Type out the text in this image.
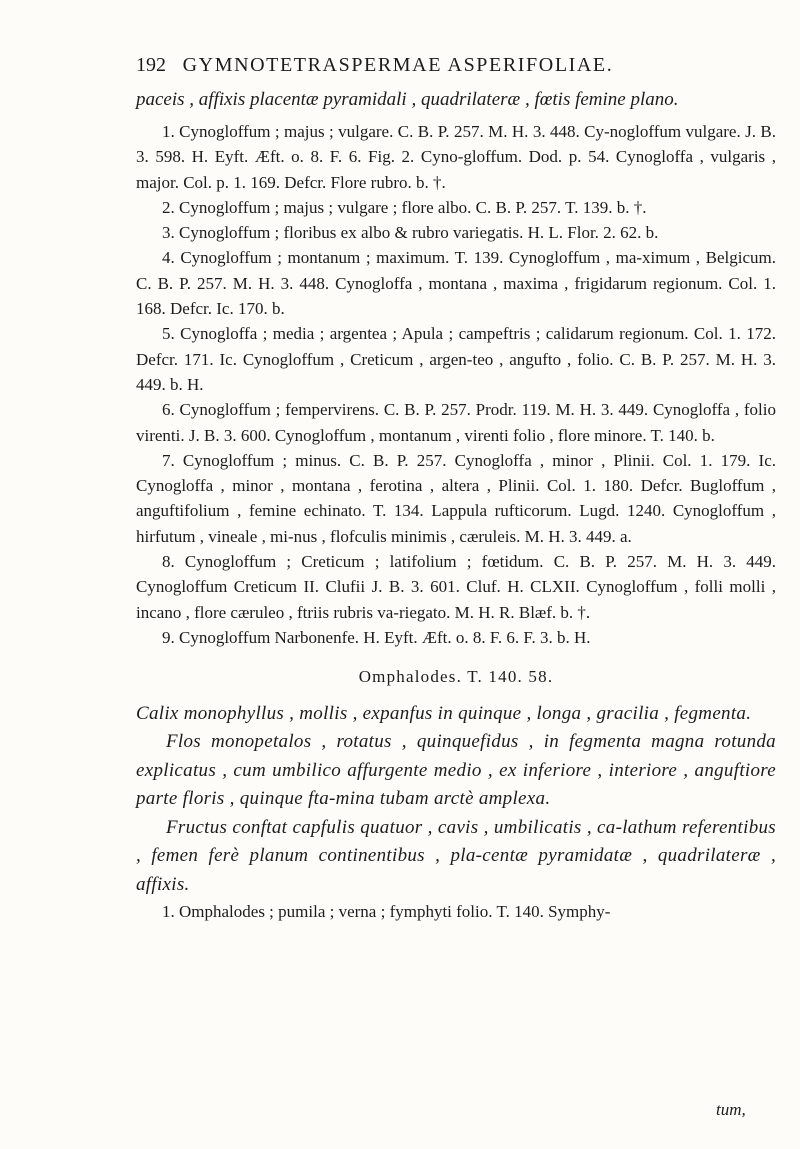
192 GYMNOTETRASPERMAE ASPERIFOLIAE.

paceis , affixis placentæ pyramidali , quadrilateræ , fœtis femine plano.

1. Cynogloffum ; majus ; vulgare. C. B. P. 257. M. H. 3. 448. Cy-nogloffum vulgare. J. B. 3. 598. H. Eyft. Æft. o. 8. F. 6. Fig. 2. Cyno-gloffum. Dod. p. 54. Cynogloffa , vulgaris , major. Col. p. 1. 169. Defcr. Flore rubro. b. †.

2. Cynogloffum ; majus ; vulgare ; flore albo. C. B. P. 257. T. 139. b. †.

3. Cynogloffum ; floribus ex albo & rubro variegatis. H. L. Flor. 2. 62. b.

4. Cynogloffum ; montanum ; maximum. T. 139. Cynogloffum , ma-ximum , Belgicum. C. B. P. 257. M. H. 3. 448. Cynogloffa , montana , maxima , frigidarum regionum. Col. 1. 168. Defcr. Ic. 170. b.

5. Cynogloffa ; media ; argentea ; Apula ; campeftris ; calidarum regionum. Col. 1. 172. Defcr. 171. Ic. Cynogloffum , Creticum , argen-teo , angufto , folio. C. B. P. 257. M. H. 3. 449. b. H.

6. Cynogloffum ; fempervirens. C. B. P. 257. Prodr. 119. M. H. 3. 449. Cynogloffa , folio virenti. J. B. 3. 600. Cynogloffum , montanum , virenti folio , flore minore. T. 140. b.

7. Cynogloffum ; minus. C. B. P. 257. Cynogloffa , minor , Plinii. Col. 1. 179. Ic. Cynogloffa , minor , montana , ferotina , altera , Plinii. Col. 1. 180. Defcr. Bugloffum , anguftifolium , femine echinato. T. 134. Lappula rufticorum. Lugd. 1240. Cynogloffum , hirfutum , vineale , mi-nus , flofculis minimis , cæruleis. M. H. 3. 449. a.

8. Cynogloffum ; Creticum ; latifolium ; fœtidum. C. B. P. 257. M. H. 3. 449. Cynogloffum Creticum II. Clufii J. B. 3. 601. Cluf. H. CLXII. Cynogloffum , folli molli , incano , flore cæruleo , ftriis rubris va-riegato. M. H. R. Blæf. b. †.

9. Cynogloffum Narbonenfe. H. Eyft. Æft. o. 8. F. 6. F. 3. b. H.

Omphalodes. T. 140. 58.

Calix monophyllus , mollis , expanfus in quinque , longa , gracilia , fegmenta.

Flos monopetalos , rotatus , quinquefidus , in fegmenta magna rotunda explicatus , cum umbilico affurgente medio , ex inferiore , interiore , anguftiore parte floris , quinque fta-mina tubam arctè amplexa.

Fructus conftat capfulis quatuor , cavis , umbilicatis , ca-lathum referentibus , femen ferè planum continentibus , pla-centæ pyramidatæ , quadrilateræ , affixis.

1. Omphalodes ; pumila ; verna ; fymphyti folio. T. 140. Symphy-

tum,
